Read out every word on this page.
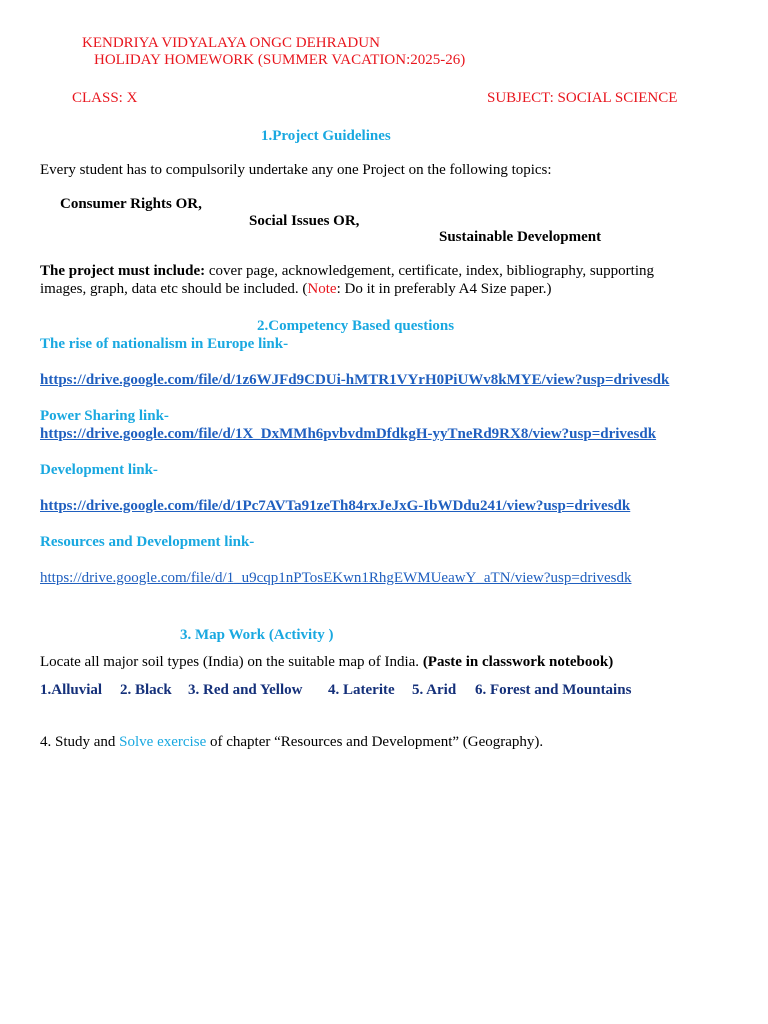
KENDRIYA VIDYALAYA ONGC DEHRADUN
HOLIDAY HOMEWORK (SUMMER VACATION:2025-26)
CLASS: X	SUBJECT: SOCIAL SCIENCE
1.Project Guidelines
Every student has to compulsorily undertake any one Project on the following topics:
Consumer Rights OR,
Social Issues OR,
Sustainable Development
The project must include: cover page, acknowledgement, certificate, index, bibliography, supporting images, graph, data etc should be included. (Note: Do it in preferably A4 Size paper.)
2.Competency Based questions
The rise of nationalism in Europe link-
https://drive.google.com/file/d/1z6WJFd9CDUi-hMTR1VYrH0PiUWv8kMYE/view?usp=drivesdk
Power Sharing link-
https://drive.google.com/file/d/1X_DxMMh6pvbvdmDfdkgH-yyTneRd9RX8/view?usp=drivesdk
Development link-
https://drive.google.com/file/d/1Pc7AVTa91zeTh84rxJeJxG-IbWDdu241/view?usp=drivesdk
Resources and Development link-
https://drive.google.com/file/d/1_u9cqp1nPTosEKwn1RhgEWMUeawY_aTN/view?usp=drivesdk
3. Map Work (Activity )
Locate all major soil types (India) on the suitable map of India. (Paste in classwork notebook)
1.Alluvial 2. Black 3. Red and Yellow 4. Laterite 5. Arid 6. Forest and Mountains
4. Study and Solve exercise of chapter “Resources and Development” (Geography).
